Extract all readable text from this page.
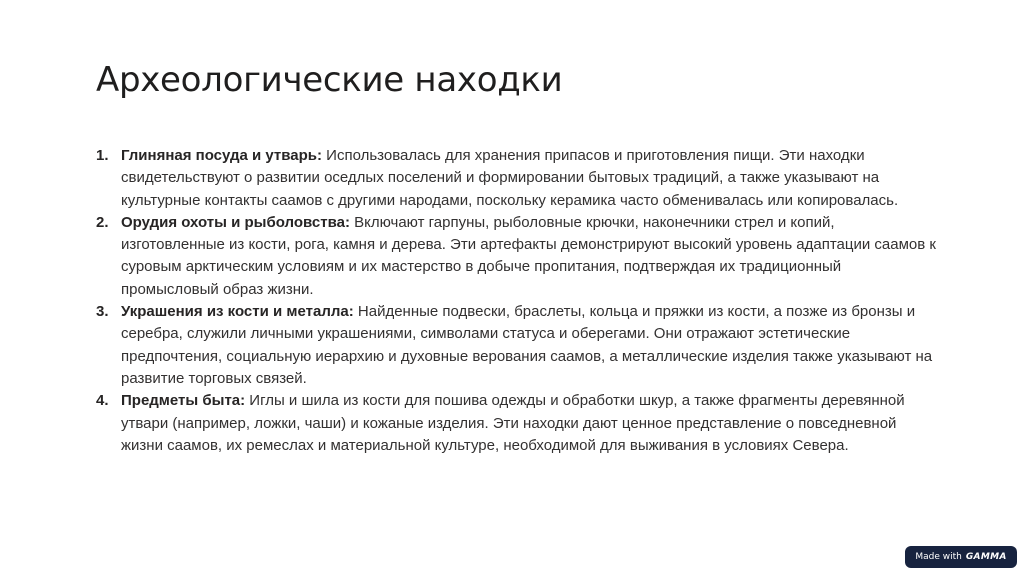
Археологические находки
1. Глиняная посуда и утварь: Использовалась для хранения припасов и приготовления пищи. Эти находки свидетельствуют о развитии оседлых поселений и формировании бытовых традиций, а также указывают на культурные контакты саамов с другими народами, поскольку керамика часто обменивалась или копировалась.
2. Орудия охоты и рыболовства: Включают гарпуны, рыболовные крючки, наконечники стрел и копий, изготовленные из кости, рога, камня и дерева. Эти артефакты демонстрируют высокий уровень адаптации саамов к суровым арктическим условиям и их мастерство в добыче пропитания, подтверждая их традиционный промысловый образ жизни.
3. Украшения из кости и металла: Найденные подвески, браслеты, кольца и пряжки из кости, а позже из бронзы и серебра, служили личными украшениями, символами статуса и оберегами. Они отражают эстетические предпочтения, социальную иерархию и духовные верования саамов, а металлические изделия также указывают на развитие торговых связей.
4. Предметы быта: Иглы и шила из кости для пошива одежды и обработки шкур, а также фрагменты деревянной утвари (например, ложки, чаши) и кожаные изделия. Эти находки дают ценное представление о повседневной жизни саамов, их ремеслах и материальной культуре, необходимой для выживания в условиях Севера.
Made with GAMMA
